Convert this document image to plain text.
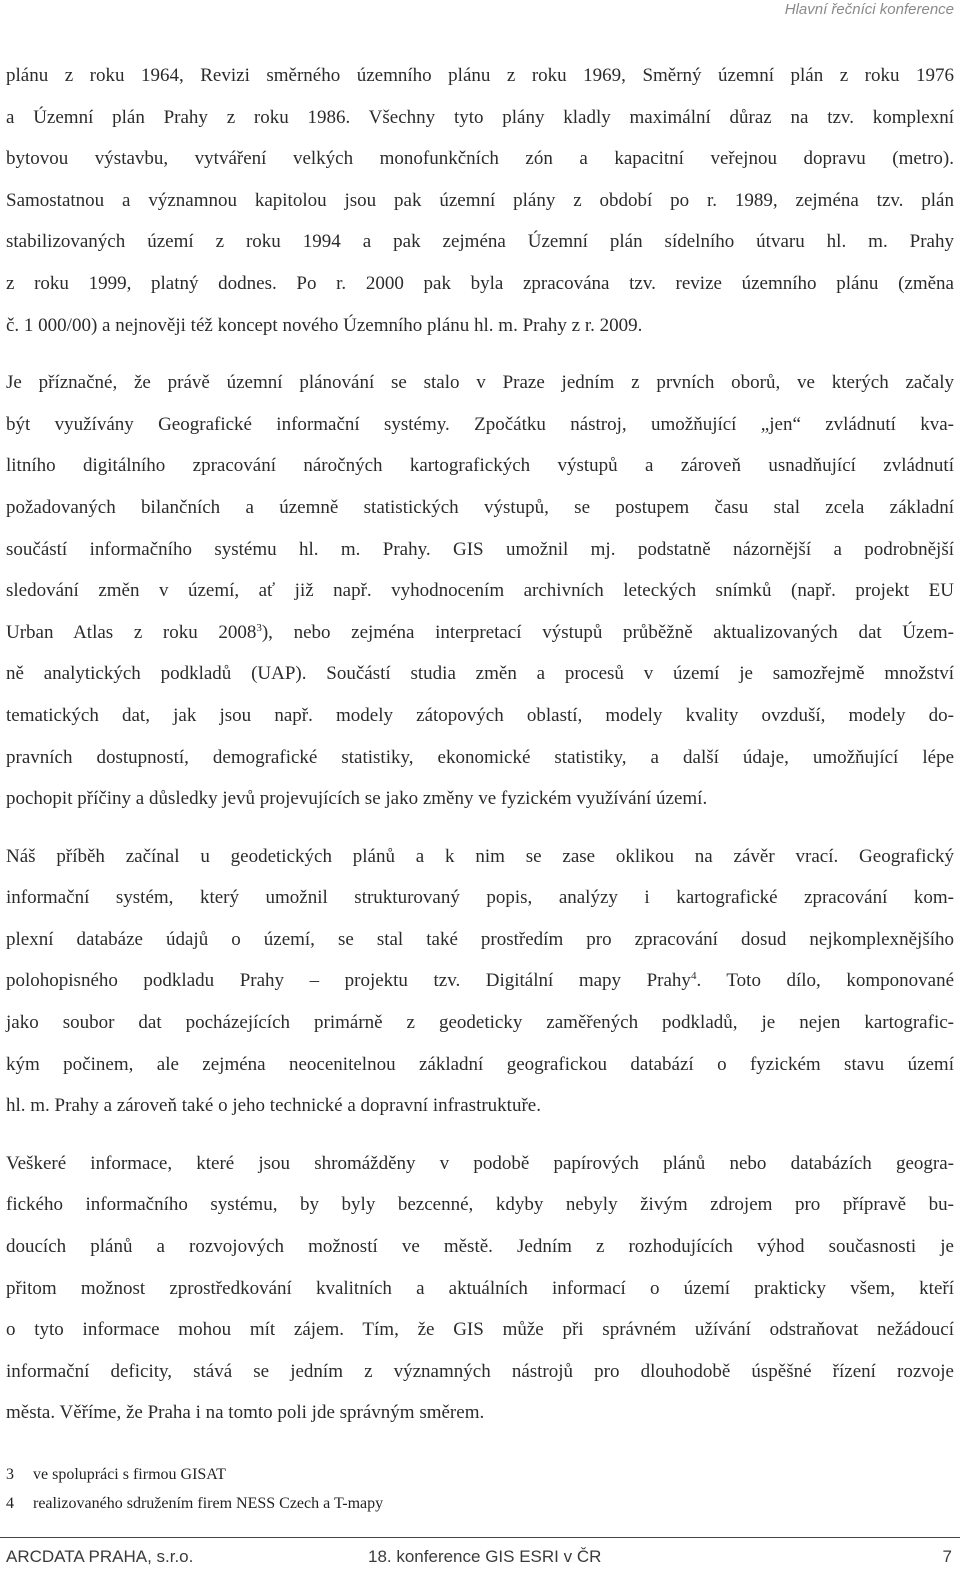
Hlavní řečníci konference
plánu z roku 1964, Revizi směrného územního plánu z roku 1969, Směrný územní plán z roku 1976
a Územní plán Prahy z roku 1986. Všechny tyto plány kladly maximální důraz na tzv. komplexní
bytovou výstavbu, vytváření velkých monofunkčních zón a kapacitní veřejnou dopravu (metro).
Samostatnou a významnou kapitolou jsou pak územní plány z období po r. 1989, zejména tzv. plán
stabilizovaných území z roku 1994 a pak zejména Územní plán sídelního útvaru hl. m. Prahy
z roku 1999, platný dodnes. Po r. 2000 pak byla zpracována tzv. revize územního plánu (změna
č. 1 000/00) a nejnověji též koncept nového Územního plánu hl. m. Prahy z r. 2009.
Je příznačné, že právě územní plánování se stalo v Praze jedním z prvních oborů, ve kterých začaly
být využívány Geografické informační systémy. Zpočátku nástroj, umožňující „jen“ zvládnutí kva-
litního digitálního zpracování náročných kartografických výstupů a zároveň usnadňující zvládnutí
požadovaných bilančních a územně statistických výstupů, se postupem času stal zcela základní
součástí informačního systému hl. m. Prahy. GIS umožnil mj. podstatně názornější a podrobnější
sledování změn v území, ať již např. vyhodnocením archivních leteckých snímků (např. projekt EU
Urban Atlas z roku 2008$^3$), nebo zejména interpretací výstupů průběžně aktualizovaných dat Územ-
ně analytických podkladů (UAP). Součástí studia změn a procesů v území je samozřejmě množství
tematických dat, jak jsou např. modely zátopových oblastí, modely kvality ovzduší, modely do-
pravních dostupností, demografické statistiky, ekonomické statistiky, a další údaje, umožňující lépe
pochopit příčiny a důsledky jevů projevujících se jako změny ve fyzickém využívání území.
Náš příběh začínal u geodetických plánů a k nim se zase oklikou na závěr vrací. Geografický
informační systém, který umožnil strukturovaný popis, analýzy i kartografické zpracování kom-
plexní databáze údajů o území, se stal také prostředím pro zpracování dosud nejkomplexnějšího
polohopisného podkladu Prahy – projektu tzv. Digitální mapy Prahy$^4$. Toto dílo, komponované
jako soubor dat pocházejících primárně z geodeticky zaměřených podkladů, je nejen kartografic-
kým počinem, ale zejména neocenitelnou základní geografickou databází o fyzickém stavu území
hl. m. Prahy a zároveň také o jeho technické a dopravní infrastruktuře.
Veškeré informace, které jsou shromážděny v podobě papírových plánů nebo databázích geogra-
fického informačního systému, by byly bezcenné, kdyby nebyly živým zdrojem pro přípravě bu-
doucích plánů a rozvojových možností ve městě. Jedním z rozhodujících výhod současnosti je
přitom možnost zprostředkování kvalitních a aktuálních informací o území prakticky všem, kteří
o tyto informace mohou mít zájem. Tím, že GIS může při správném užívání odstraňovat nežádoucí
informační deficity, stává se jedním z významných nástrojů pro dlouhodobě úspěšné řízení rozvoje
města. Věříme, že Praha i na tomto poli jde správným směrem.
3	ve spolupráci s firmou GISAT
4	realizovaného sdružením firem NESS Czech a T-mapy
ARCDATA PRAHA, s.r.o.	18. konference GIS ESRI v ČR	7
